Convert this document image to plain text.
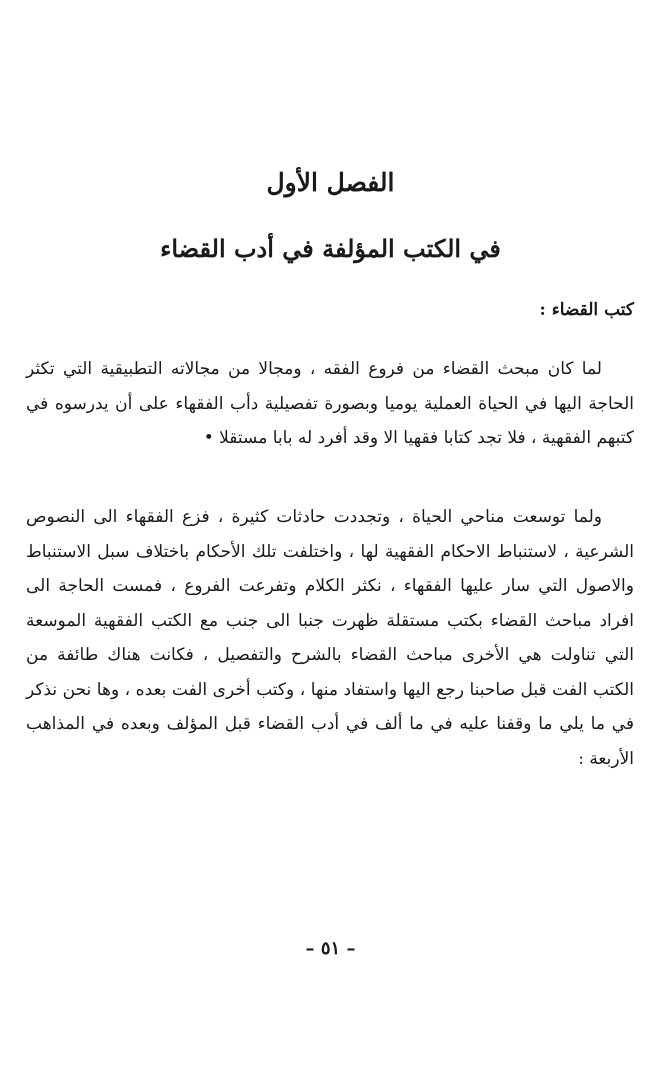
الفصل الأول
في الكتب المؤلفة في أدب القضاء
كتب القضاء :

لما كان مبحث القضاء من فروع الفقه ، ومجالا من مجالاته التطبيقية التي تكثر الحاجة اليها في الحياة العملية يوميا وبصورة تفصيلية دأب الفقهاء على أن يدرسوه في كتبهم الفقهية ، فلا تجد كتابا فقهيا الا وقد أفرد له بابا مستقلا •

ولما توسعت مناحي الحياة ، وتجددت حادثات كثيرة ، فزع الفقهاء الى النصوص الشرعية ، لاستنباط الاحكام الفقهية لها ، واختلفت تلك الأحكام باختلاف سبل الاستنباط والاصول التي سار عليها الفقهاء ، نكثر الكلام وتفرعت الفروع ، فمست الحاجة الى افراد مباحث القضاء بكتب مستقلة ظهرت جنبا الى جنب مع الكتب الفقهية الموسعة التي تناولت هي الأخرى مباحث القضاء بالشرح والتفصيل ، فكانت هناك طائفة من الكتب الفت قبل صاحبنا رجع اليها واستفاد منها ، وكتب أخرى الفت بعده ، وها نحن نذكر في ما يلي ما وقفنا عليه في ما ألف في أدب القضاء قبل المؤلف وبعده في المذاهب الأربعة :

– ٥١ –
